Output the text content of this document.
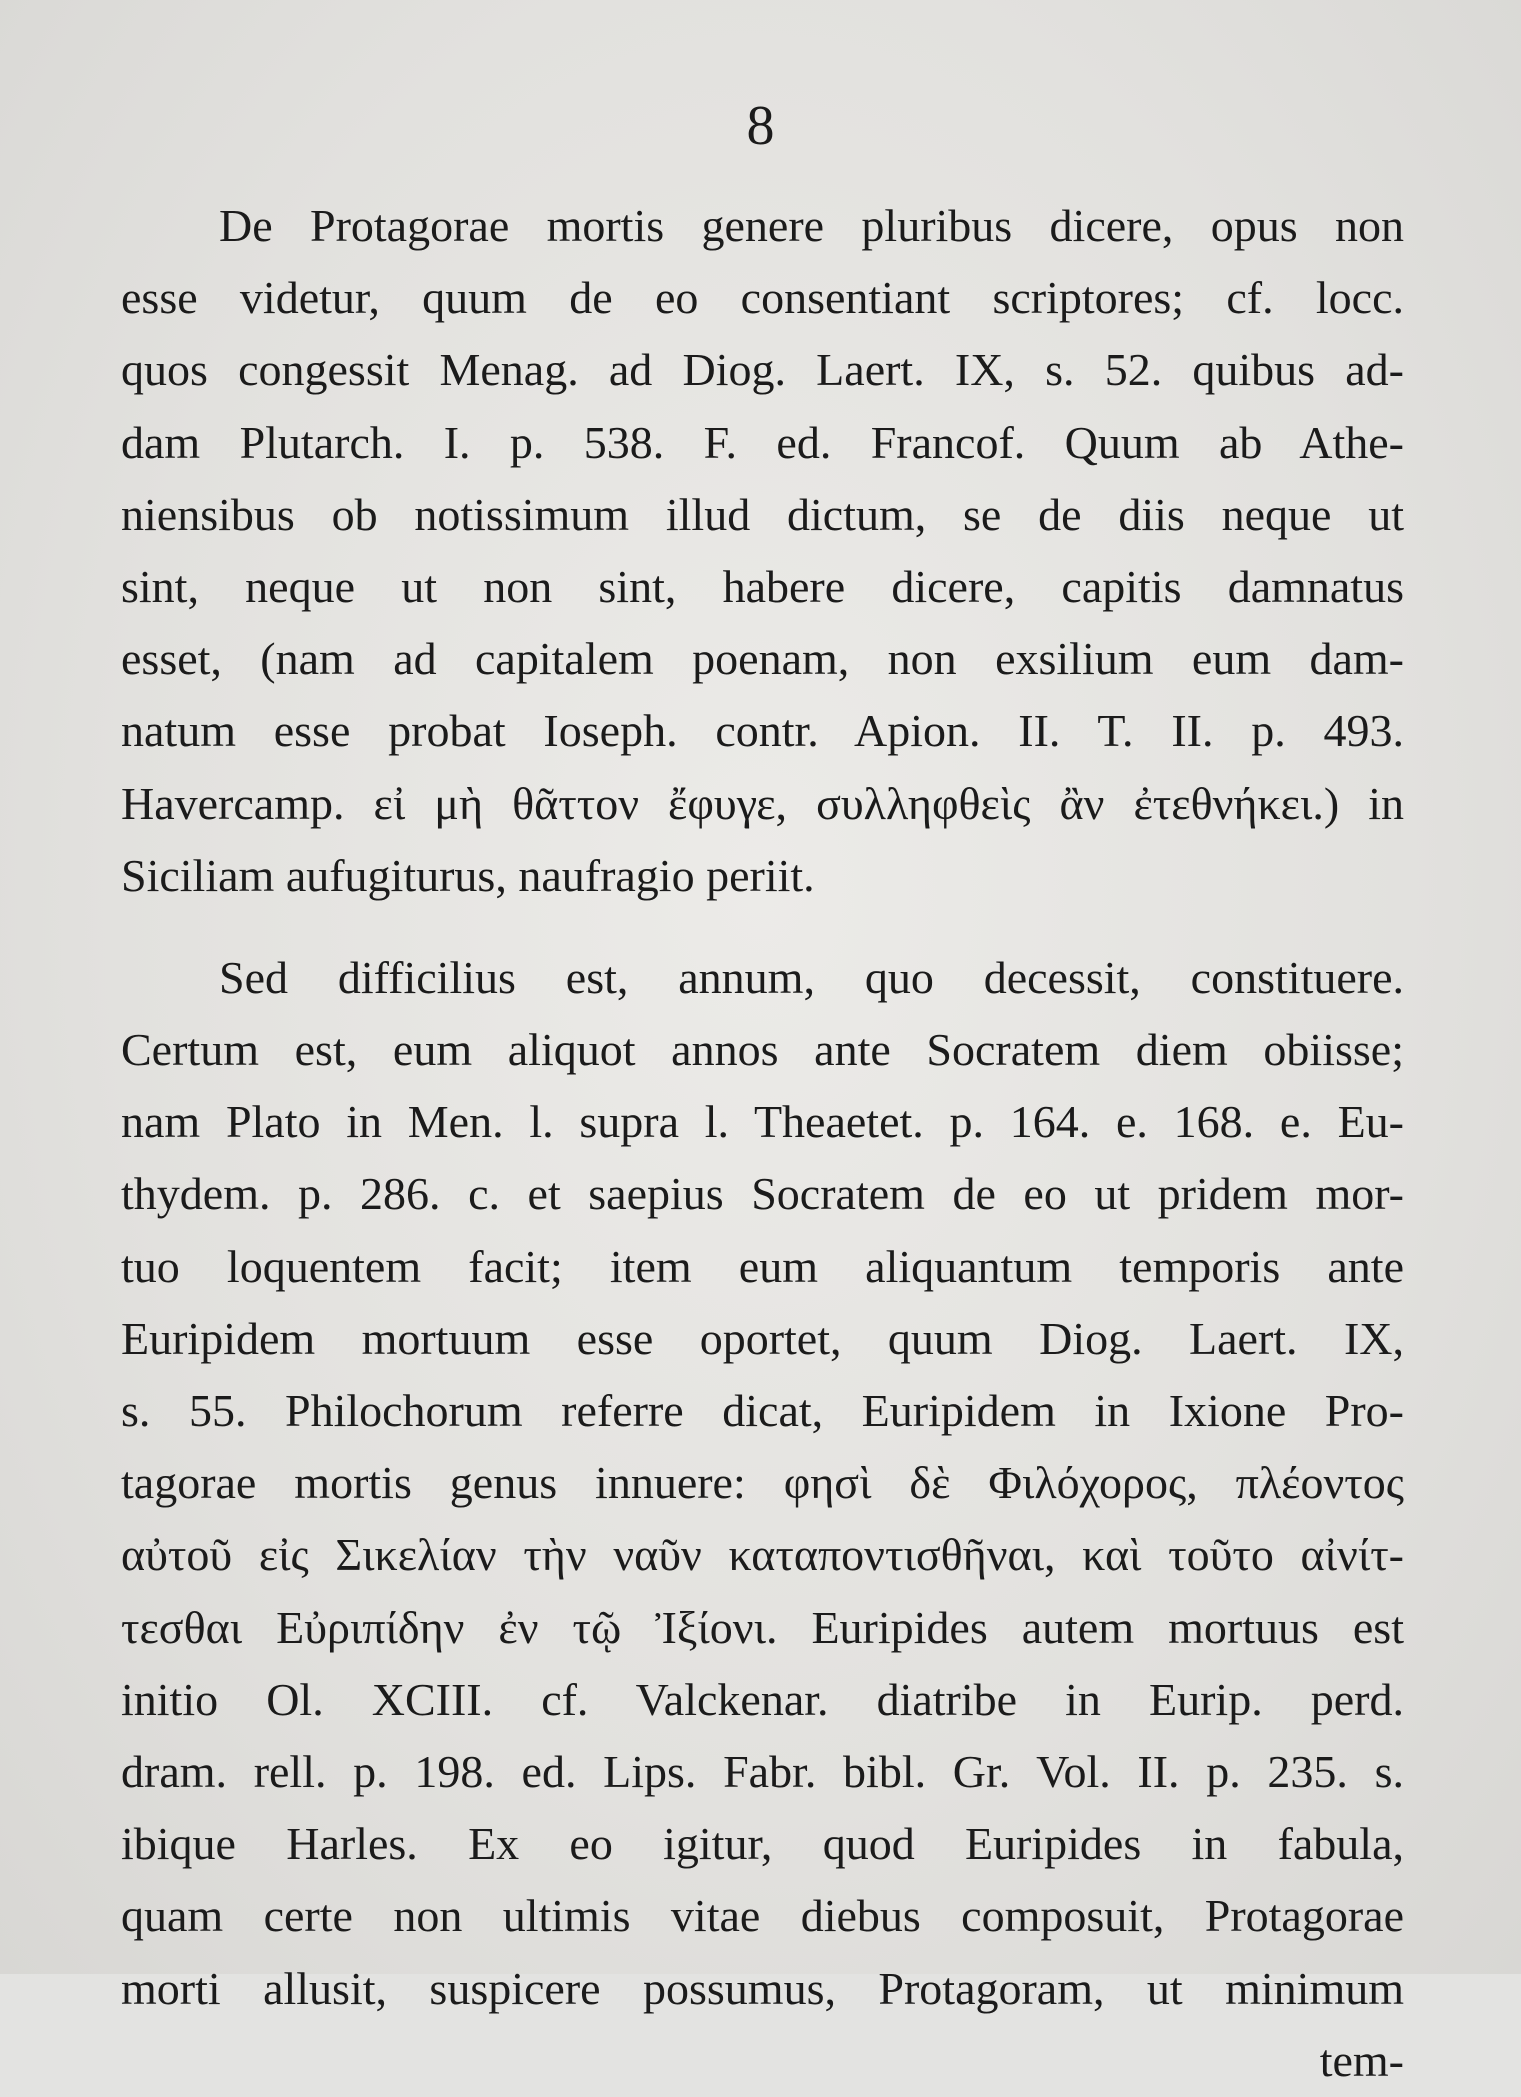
8
De Protagorae mortis genere pluribus dicere, opus non
esse videtur, quum de eo consentiant scriptores; cf. locc.
quos congessit Menag. ad Diog. Laert. IX, s. 52. quibus ad-
dam Plutarch. I. p. 538. F. ed. Francof. Quum ab Athe-
niensibus ob notissimum illud dictum, se de diis neque ut
sint, neque ut non sint, habere dicere, capitis damnatus
esset, (nam ad capitalem poenam, non exsilium eum dam-
natum esse probat Ioseph. contr. Apion. II. T. II. p. 493.
Havercamp. εἰ μὴ θᾶττον ἔφυγε, συλληφθεὶς ἂν ἐτεθνήκει.) in
Siciliam aufugiturus, naufragio periit.
Sed difficilius est, annum, quo decessit, constituere.
Certum est, eum aliquot annos ante Socratem diem obiisse;
nam Plato in Men. l. supra l. Theaetet. p. 164. e. 168. e. Eu-
thydem. p. 286. c. et saepius Socratem de eo ut pridem mor-
tuo loquentem facit; item eum aliquantum temporis ante
Euripidem mortuum esse oportet, quum Diog. Laert. IX,
s. 55. Philochorum referre dicat, Euripidem in Ixione Pro-
tagorae mortis genus innuere: φησὶ δὲ Φιλόχορος, πλέοντος
αὐτοῦ εἰς Σικελίαν τὴν ναῦν καταποντισθῆναι, καὶ τοῦτο αἰνίτ-
τεσθαι Εὐριπίδην ἐν τῷ Ἰξίονι. Euripides autem mortuus est
initio Ol. XCIII. cf. Valckenar. diatribe in Eurip. perd.
dram. rell. p. 198. ed. Lips. Fabr. bibl. Gr. Vol. II. p. 235. s.
ibique Harles. Ex eo igitur, quod Euripides in fabula,
quam certe non ultimis vitae diebus composuit, Protagorae
morti allusit, suspicere possumus, Protagoram, ut minimum
tem-
